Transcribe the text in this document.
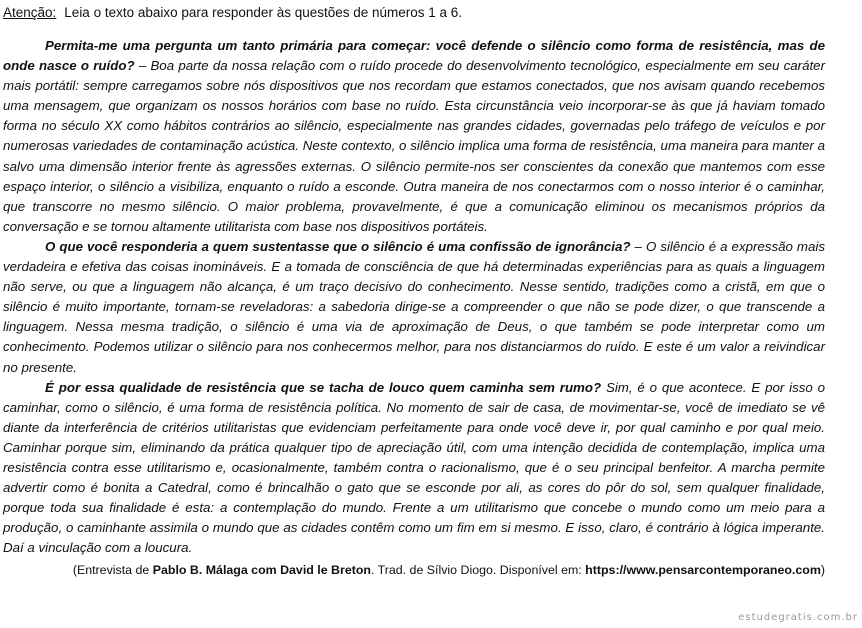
Atenção: Leia o texto abaixo para responder às questões de números 1 a 6.

Permita-me uma pergunta um tanto primária para começar: você defende o silêncio como forma de resistência, mas de onde nasce o ruído? – Boa parte da nossa relação com o ruído procede do desenvolvimento tecnológico, especialmente em seu caráter mais portátil: sempre carregamos sobre nós dispositivos que nos recordam que estamos conectados, que nos avisam quando recebemos uma mensagem, que organizam os nossos horários com base no ruído. Esta circunstância veio incorporar-se às que já haviam tomado forma no século XX como hábitos contrários ao silêncio, especialmente nas grandes cidades, governadas pelo tráfego de veículos e por numerosas variedades de contaminação acústica. Neste contexto, o silêncio implica uma forma de resistência, uma maneira para manter a salvo uma dimensão interior frente às agressões externas. O silêncio permite-nos ser conscientes da conexão que mantemos com esse espaço interior, o silêncio a visibiliza, enquanto o ruído a esconde. Outra maneira de nos conectarmos com o nosso interior é o caminhar, que transcorre no mesmo silêncio. O maior problema, provavelmente, é que a comunicação eliminou os mecanismos próprios da conversação e se tornou altamente utilitarista com base nos dispositivos portáteis.

O que você responderia a quem sustentasse que o silêncio é uma confissão de ignorância? – O silêncio é a expressão mais verdadeira e efetiva das coisas inomináveis. E a tomada de consciência de que há determinadas experiências para as quais a linguagem não serve, ou que a linguagem não alcança, é um traço decisivo do conhecimento. Nesse sentido, tradições como a cristã, em que o silêncio é muito importante, tornam-se reveladoras: a sabedoria dirige-se a compreender o que não se pode dizer, o que transcende a linguagem. Nessa mesma tradição, o silêncio é uma via de aproximação de Deus, o que também se pode interpretar como um conhecimento. Podemos utilizar o silêncio para nos conhecermos melhor, para nos distanciarmos do ruído. E este é um valor a reivindicar no presente.

É por essa qualidade de resistência que se tacha de louco quem caminha sem rumo? Sim, é o que acontece. E por isso o caminhar, como o silêncio, é uma forma de resistência política. No momento de sair de casa, de movimentar-se, você de imediato se vê diante da interferência de critérios utilitaristas que evidenciam perfeitamente para onde você deve ir, por qual caminho e por qual meio. Caminhar porque sim, eliminando da prática qualquer tipo de apreciação útil, com uma intenção decidida de contemplação, implica uma resistência contra esse utilitarismo e, ocasionalmente, também contra o racionalismo, que é o seu principal benfeitor. A marcha permite advertir como é bonita a Catedral, como é brincalhão o gato que se esconde por ali, as cores do pôr do sol, sem qualquer finalidade, porque toda sua finalidade é esta: a contemplação do mundo. Frente a um utilitarismo que concebe o mundo como um meio para a produção, o caminhante assimila o mundo que as cidades contêm como um fim em si mesmo. E isso, claro, é contrário à lógica imperante. Daí a vinculação com a loucura.

(Entrevista de Pablo B. Málaga com David le Breton. Trad. de Sílvio Diogo. Disponível em: https://www.pensarcontemporaneo.com)

estudegratis.com.br
